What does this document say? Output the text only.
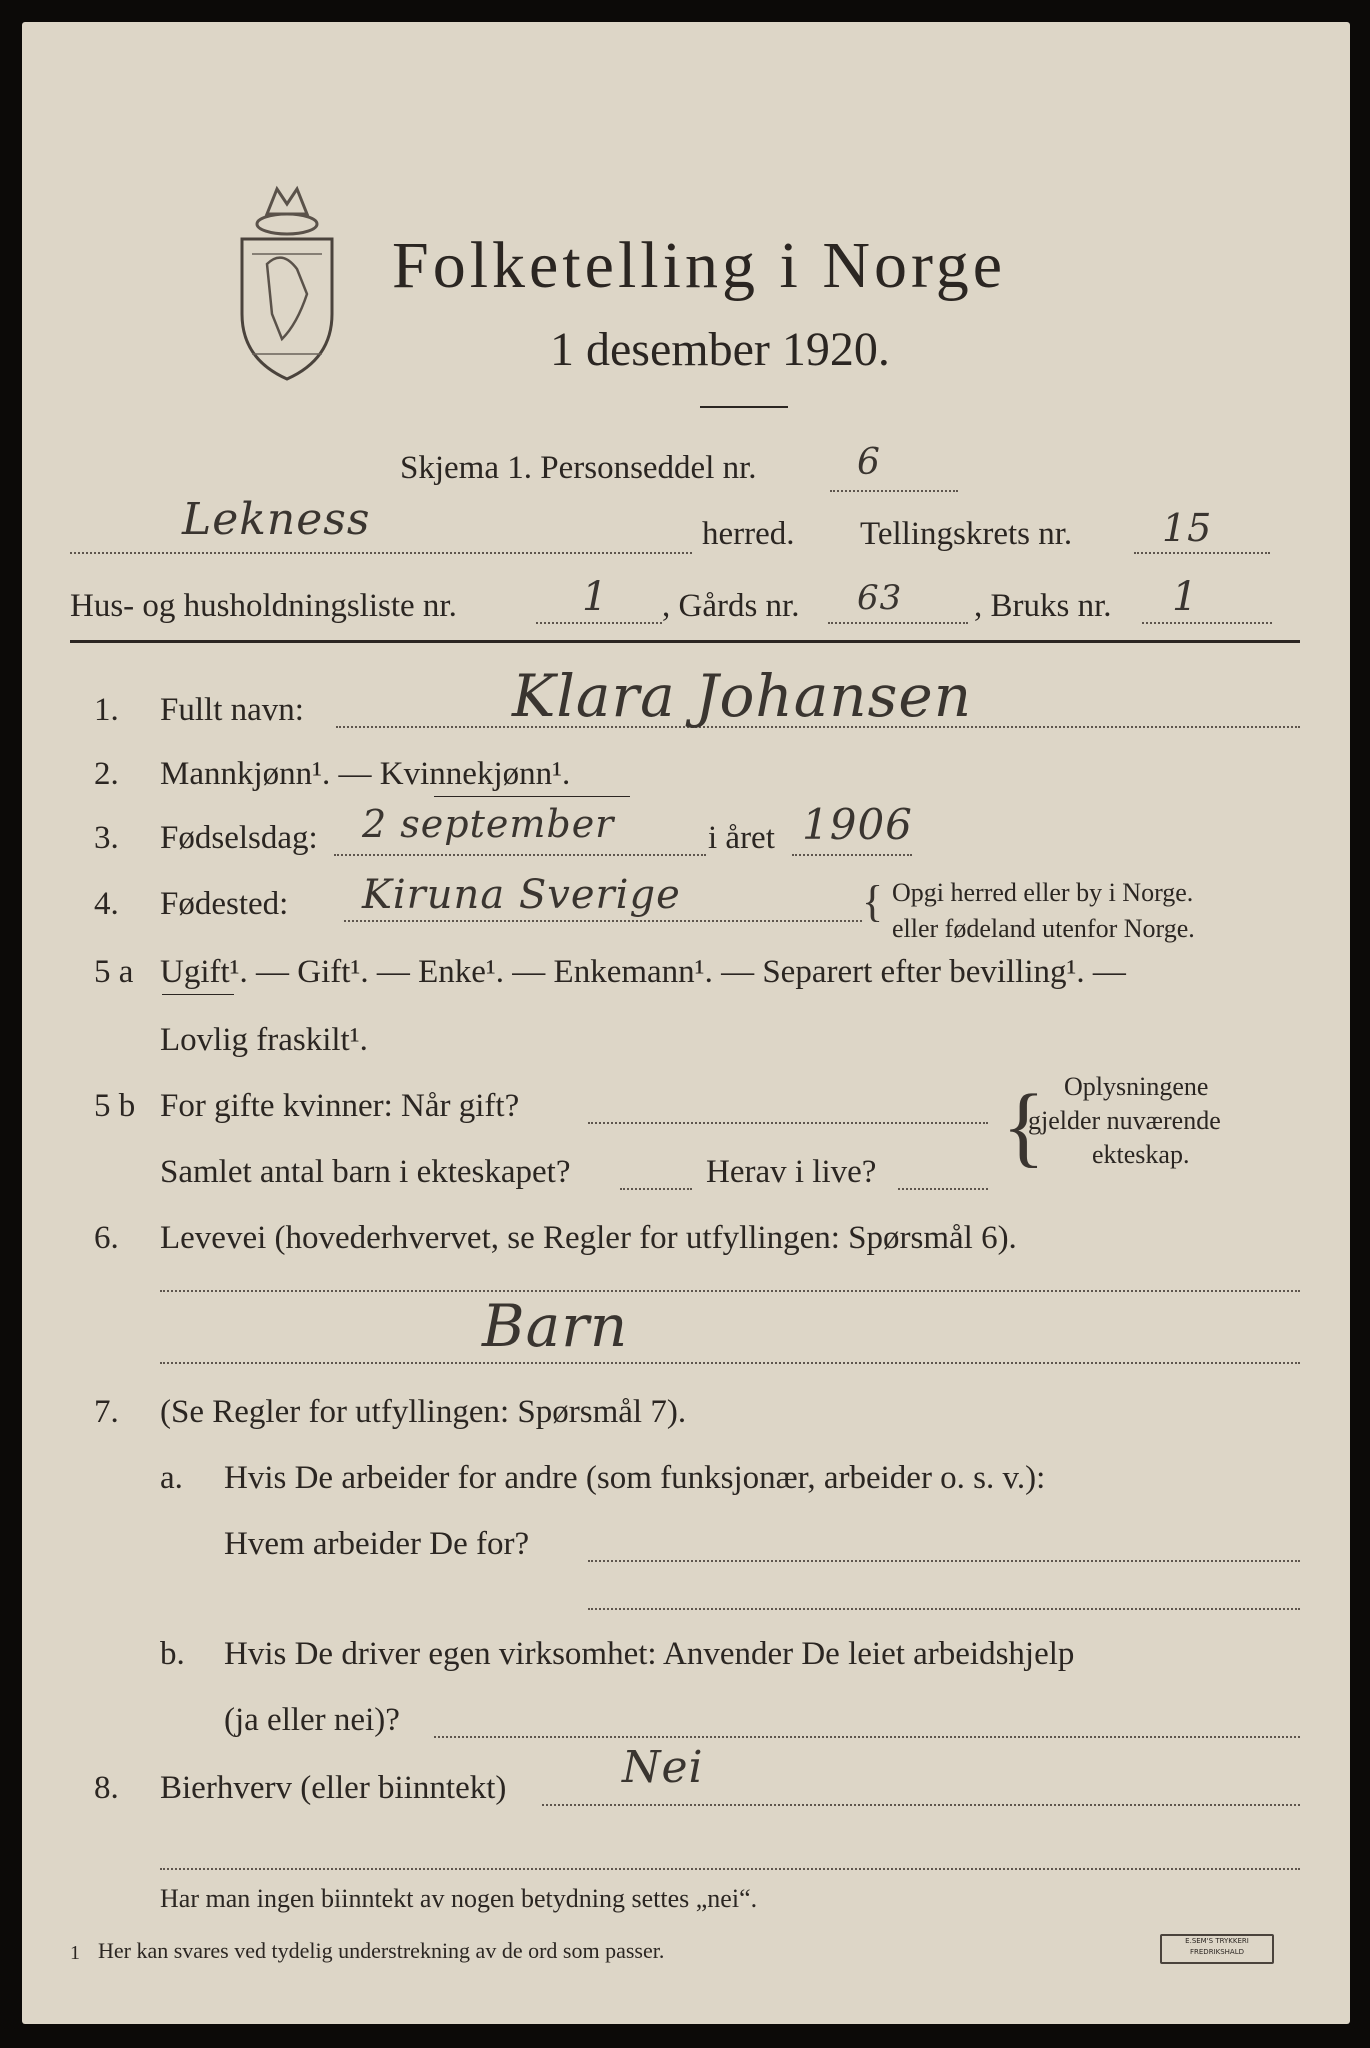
Folketelling i Norge
1 desember 1920.
Skjema 1. Personseddel nr.	6
Lekness	herred. Tellingskrets nr. 15
Hus- og husholdningsliste nr.	1 , Gårds nr. 63 , Bruks nr. 1
1. Fullt navn:	Klara Johansen
2. Mannkjønn¹. — Kvinnekjønn¹.
3. Fødselsdag: 2 september	i året 1906
4. Fødested: Kiruna Sverige	{ Opgi herred eller by i Norge.
eller fødeland utenfor Norge.
5 a Ugift¹. — Gift¹. — Enke¹. — Enkemann¹. — Separert efter bevilling¹. —
Lovlig fraskilt¹.
5 b For gifte kvinner: Når gift?
Samlet antal barn i ekteskapet?	Herav i live? { Oplysningene
gjelder nuværende
ekteskap.
6. Levevei (hovederhvervet, se Regler for utfyllingen: Spørsmål 6).
Barn
7. (Se Regler for utfyllingen: Spørsmål 7).
a. Hvis De arbeider for andre (som funksjonær, arbeider o. s. v.):
Hvem arbeider De for?
b. Hvis De driver egen virksomhet: Anvender De leiet arbeidshjelp
(ja eller nei)?
8. Bierhverv (eller biinntekt)	Nei
Har man ingen biinntekt av nogen betydning settes „nei“.
1 Her kan svares ved tydelig understrekning av de ord som passer.	E.SEM'S TRYKKERI
FREDRIKSHALD
